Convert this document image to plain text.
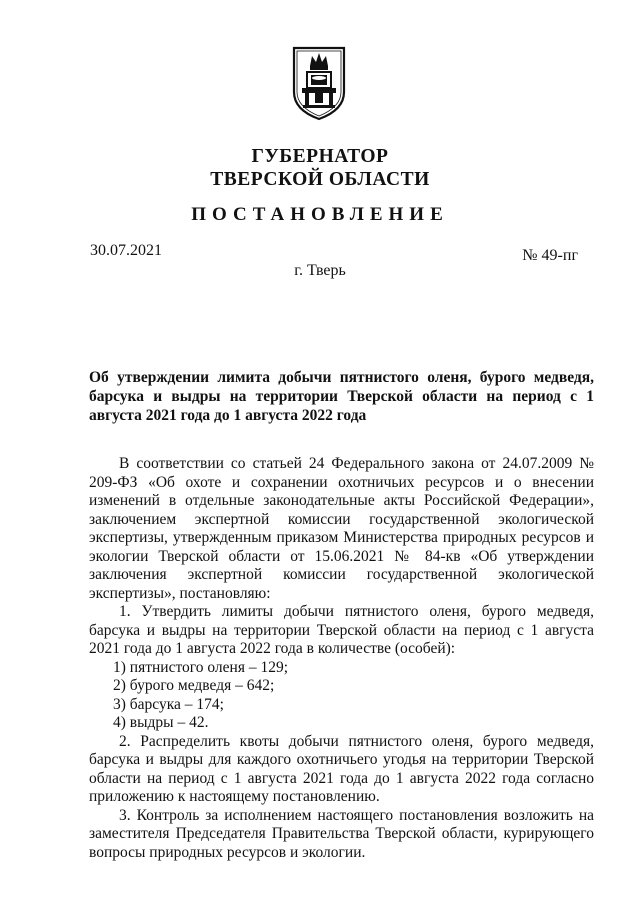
ГУБЕРНАТОР
ТВЕРСКОЙ ОБЛАСТИ
ПОСТАНОВЛЕНИЕ
30.07.2021	№ 49-пг
г. Тверь
Об утверждении лимита добычи пятнистого оленя, бурого медведя, барсука и выдры на территории Тверской области на период с 1 августа 2021 года до 1 августа 2022 года

В соответствии со статьей 24 Федерального закона от 24.07.2009 № 209-ФЗ «Об охоте и сохранении охотничьих ресурсов и о внесении изменений в отдельные законодательные акты Российской Федерации», заключением экспертной комиссии государственной экологической экспертизы, утвержденным приказом Министерства природных ресурсов и экологии Тверской области от 15.06.2021 № 84-кв «Об утверждении заключения экспертной комиссии государственной экологической экспертизы», постановляю:

1. Утвердить лимиты добычи пятнистого оленя, бурого медведя, барсука и выдры на территории Тверской области на период с 1 августа 2021 года до 1 августа 2022 года в количестве (особей):

1) пятнистого оленя – 129;

2) бурого медведя – 642;

3) барсука – 174;

4) выдры – 42.

2. Распределить квоты добычи пятнистого оленя, бурого медведя, барсука и выдры для каждого охотничьего угодья на территории Тверской области на период с 1 августа 2021 года до 1 августа 2022 года согласно приложению к настоящему постановлению.

3. Контроль за исполнением настоящего постановления возложить на заместителя Председателя Правительства Тверской области, курирующего вопросы природных ресурсов и экологии.
